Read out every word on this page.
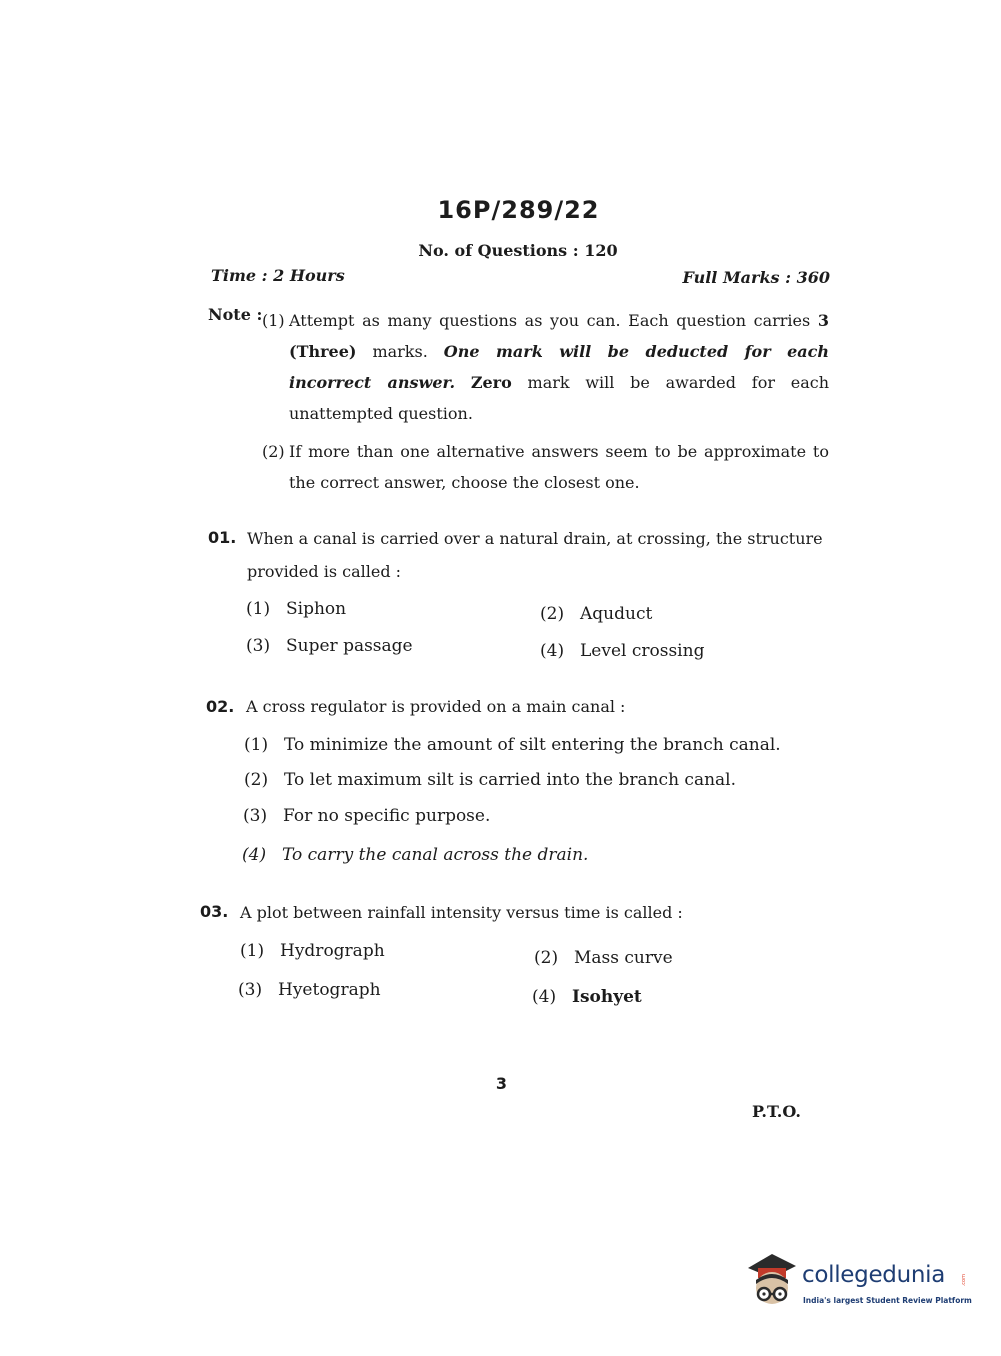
16P/289/22
No. of Questions : 120
Time : 2 Hours	Full Marks : 360
Note : (1) Attempt as many questions as you can. Each question carries 3 (Three) marks. One mark will be deducted for each incorrect answer. Zero mark will be awarded for each unattempted question.
(2) If more than one alternative answers seem to be approximate to the correct answer, choose the closest one.
01. When a canal is carried over a natural drain, at crossing, the structure provided is called :
(1) Siphon	(2) Aquduct
(3) Super passage	(4) Level crossing
02. A cross regulator is provided on a main canal :
(1) To minimize the amount of silt entering the branch canal.
(2) To let maximum silt is carried into the branch canal.
(3) For no specific purpose.
(4) To carry the canal across the drain.
03. A plot between rainfall intensity versus time is called :
(1) Hydrograph	(2) Mass curve
(3) Hyetograph	(4) Isohyet
3
P.T.O.
collegedunia	.com
India's largest Student Review Platform
